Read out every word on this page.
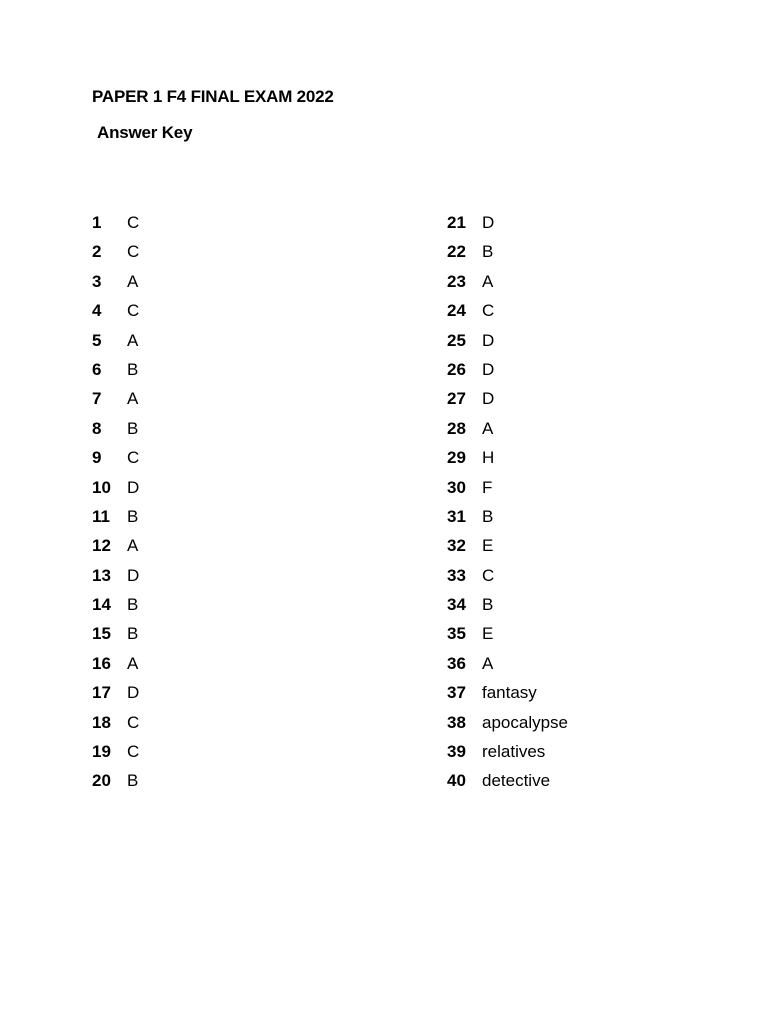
PAPER 1 F4 FINAL EXAM 2022
Answer Key
1	C
2	C
3	A
4	C
5	A
6	B
7	A
8	B
9	C
10 D
11	B
12 A
13 D
14 B
15 B
16 A
17 D
18 C
19 C
20 B
21 D
22 B
23 A
24 C
25 D
26 D
27 D
28 A
29 H
30 F
31 B
32 E
33 C
34 B
35 E
36 A
37 fantasy
38 apocalypse
39 relatives
40 detective
